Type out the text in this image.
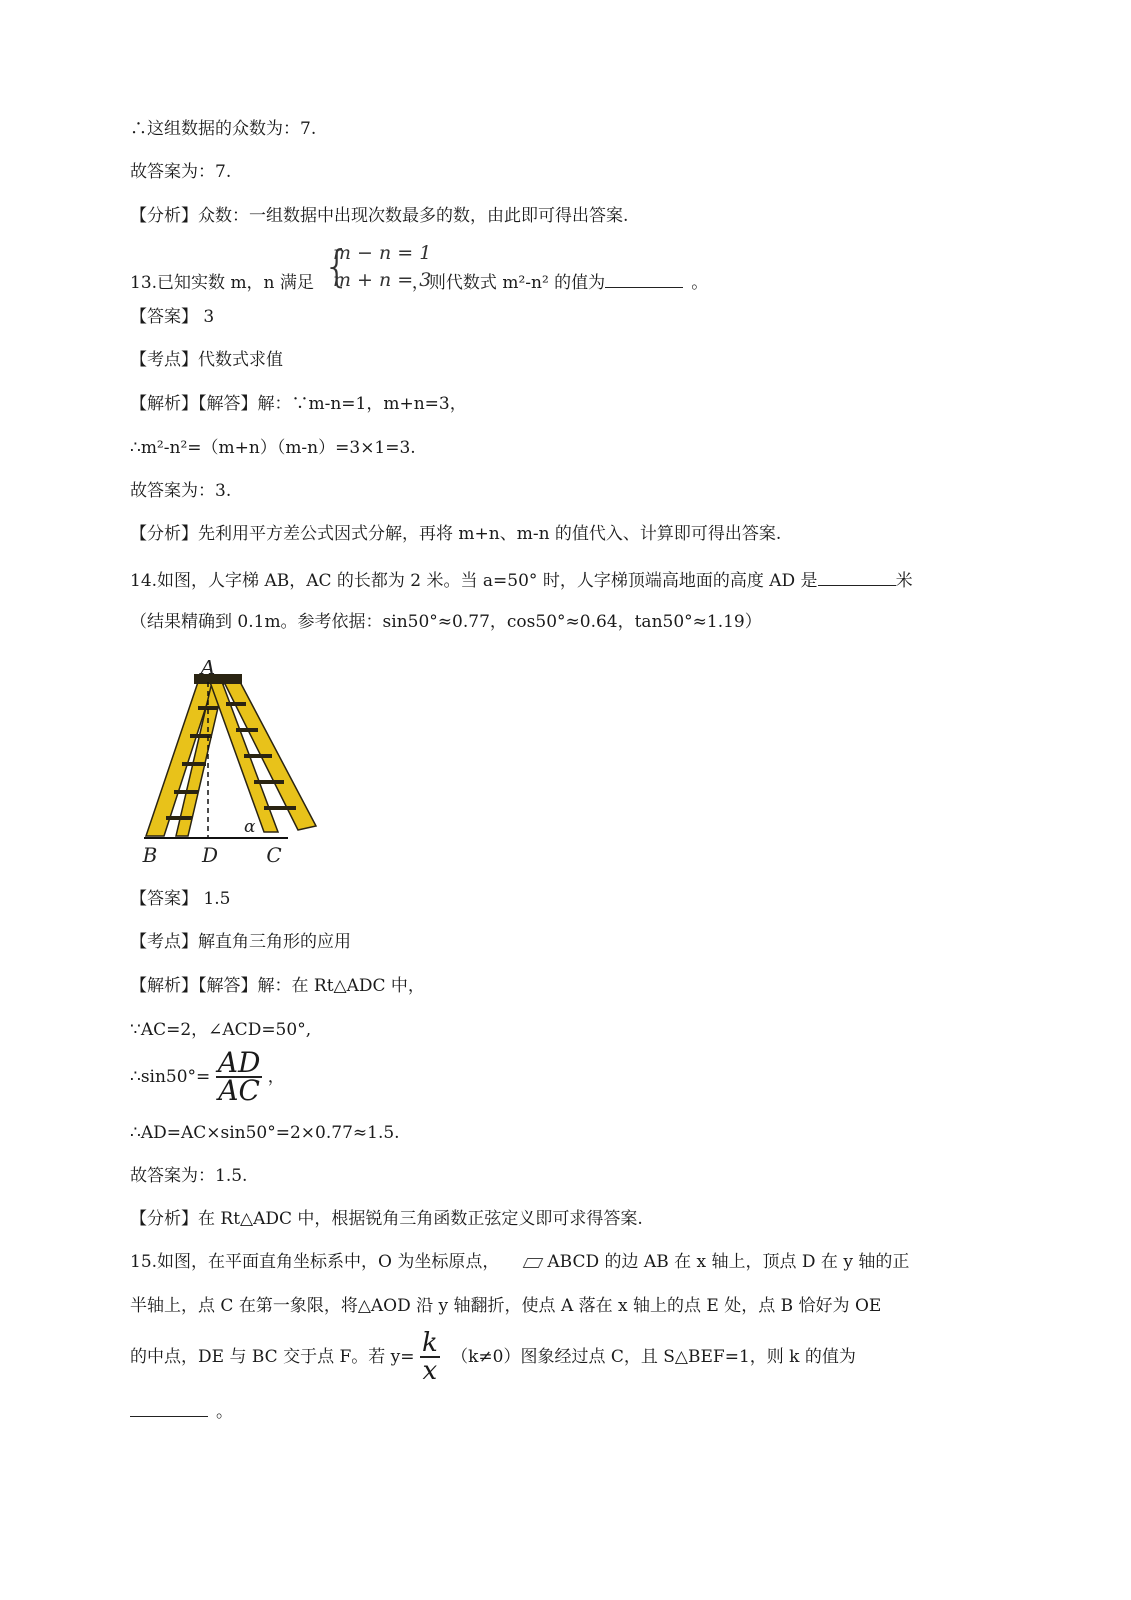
∴这组数据的众数为：7.
故答案为：7.
【分析】众数：一组数据中出现次数最多的数，由此即可得出答案.
{
m − n = 1
m + n = 3
13.已知实数 m，n 满足	，则代数式 m²-n² 的值为	。
【答案】 3
【考点】代数式求值
【解析】【解答】解：∵m-n=1，m+n=3，
∴m²-n²=（m+n）（m-n）=3×1=3.
故答案为：3.
【分析】先利用平方差公式因式分解，再将 m+n、m-n 的值代入、计算即可得出答案.
14.如图，人字梯 AB，AC 的长都为 2 米。当 a=50° 时，人字梯顶端高地面的高度 AD 是	米
（结果精确到 0.1m。参考依据：sin50°≈0.77，cos50°≈0.64，tan50°≈1.19）
A
B D C
α
【答案】 1.5
【考点】解直角三角形的应用
【解析】【解答】解：在 Rt△ADC 中，
∵AC=2，∠ACD=50°,
∴sin50°= $\frac{AD}{AC}$ ，
∴AD=AC×sin50°=2×0.77≈1.5.
故答案为：1.5.
【分析】在 Rt△ADC 中，根据锐角三角函数正弦定义即可求得答案.
15.如图，在平面直角坐标系中，O 为坐标原点，	ABCD 的边 AB 在 x 轴上，顶点 D 在 y 轴的正
半轴上，点 C 在第一象限，将△AOD 沿 y 轴翻折，使点 A 落在 x 轴上的点 E 处，点 B 恰好为 OE
的中点，DE 与 BC 交于点 F。若 $y= \frac{k}{x} (k\ne 0)$图象经过点 C，且 S△BEF=1，则 k 的值为
。
